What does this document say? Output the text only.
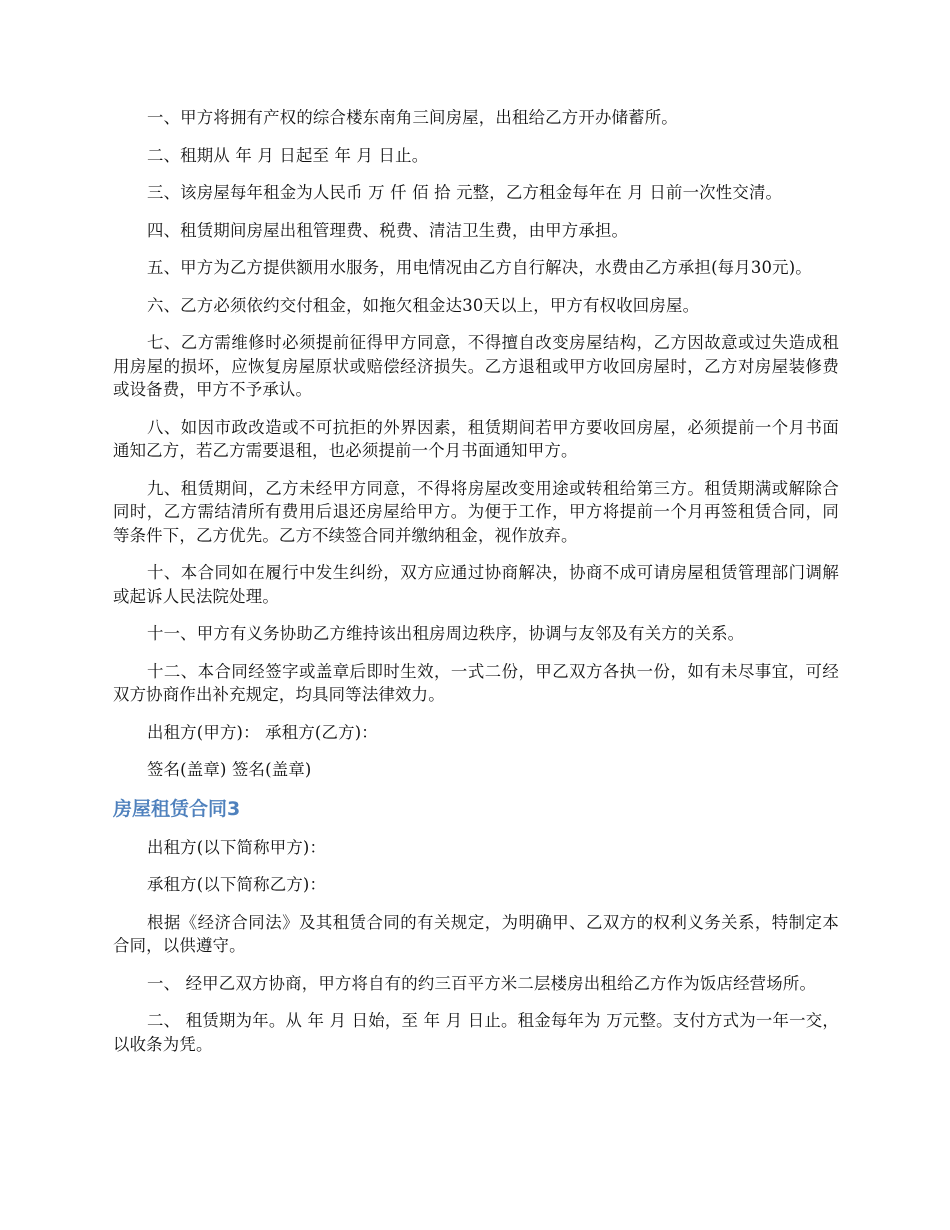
一、甲方将拥有产权的综合楼东南角三间房屋，出租给乙方开办储蓄所。

二、租期从 年 月 日起至 年 月 日止。

三、该房屋每年租金为人民币 万 仟 佰 拾 元整，乙方租金每年在 月 日前一次性交清。

四、租赁期间房屋出租管理费、税费、清洁卫生费，由甲方承担。

五、甲方为乙方提供额用水服务，用电情况由乙方自行解决，水费由乙方承担(每月30元)。

六、乙方必须依约交付租金，如拖欠租金达30天以上，甲方有权收回房屋。

七、乙方需维修时必须提前征得甲方同意，不得擅自改变房屋结构，乙方因故意或过失造成租用房屋的损坏，应恢复房屋原状或赔偿经济损失。乙方退租或甲方收回房屋时，乙方对房屋装修费或设备费，甲方不予承认。

八、如因市政改造或不可抗拒的外界因素，租赁期间若甲方要收回房屋，必须提前一个月书面通知乙方，若乙方需要退租，也必须提前一个月书面通知甲方。

九、租赁期间，乙方未经甲方同意，不得将房屋改变用途或转租给第三方。租赁期满或解除合同时，乙方需结清所有费用后退还房屋给甲方。为便于工作，甲方将提前一个月再签租赁合同，同等条件下，乙方优先。乙方不续签合同并缴纳租金，视作放弃。

十、本合同如在履行中发生纠纷，双方应通过协商解决，协商不成可请房屋租赁管理部门调解或起诉人民法院处理。

十一、甲方有义务协助乙方维持该出租房周边秩序，协调与友邻及有关方的关系。

十二、本合同经签字或盖章后即时生效，一式二份，甲乙双方各执一份，如有未尽事宜，可经双方协商作出补充规定，均具同等法律效力。

出租方(甲方)： 承租方(乙方)：

签名(盖章) 签名(盖章)

房屋租赁合同3

出租方(以下简称甲方)：

承租方(以下简称乙方)：

根据《经济合同法》及其租赁合同的有关规定，为明确甲、乙双方的权利义务关系，特制定本合同，以供遵守。

一、 经甲乙双方协商，甲方将自有的约三百平方米二层楼房出租给乙方作为饭店经营场所。

二、 租赁期为年。从 年 月 日始，至 年 月 日止。租金每年为 万元整。支付方式为一年一交，以收条为凭。
